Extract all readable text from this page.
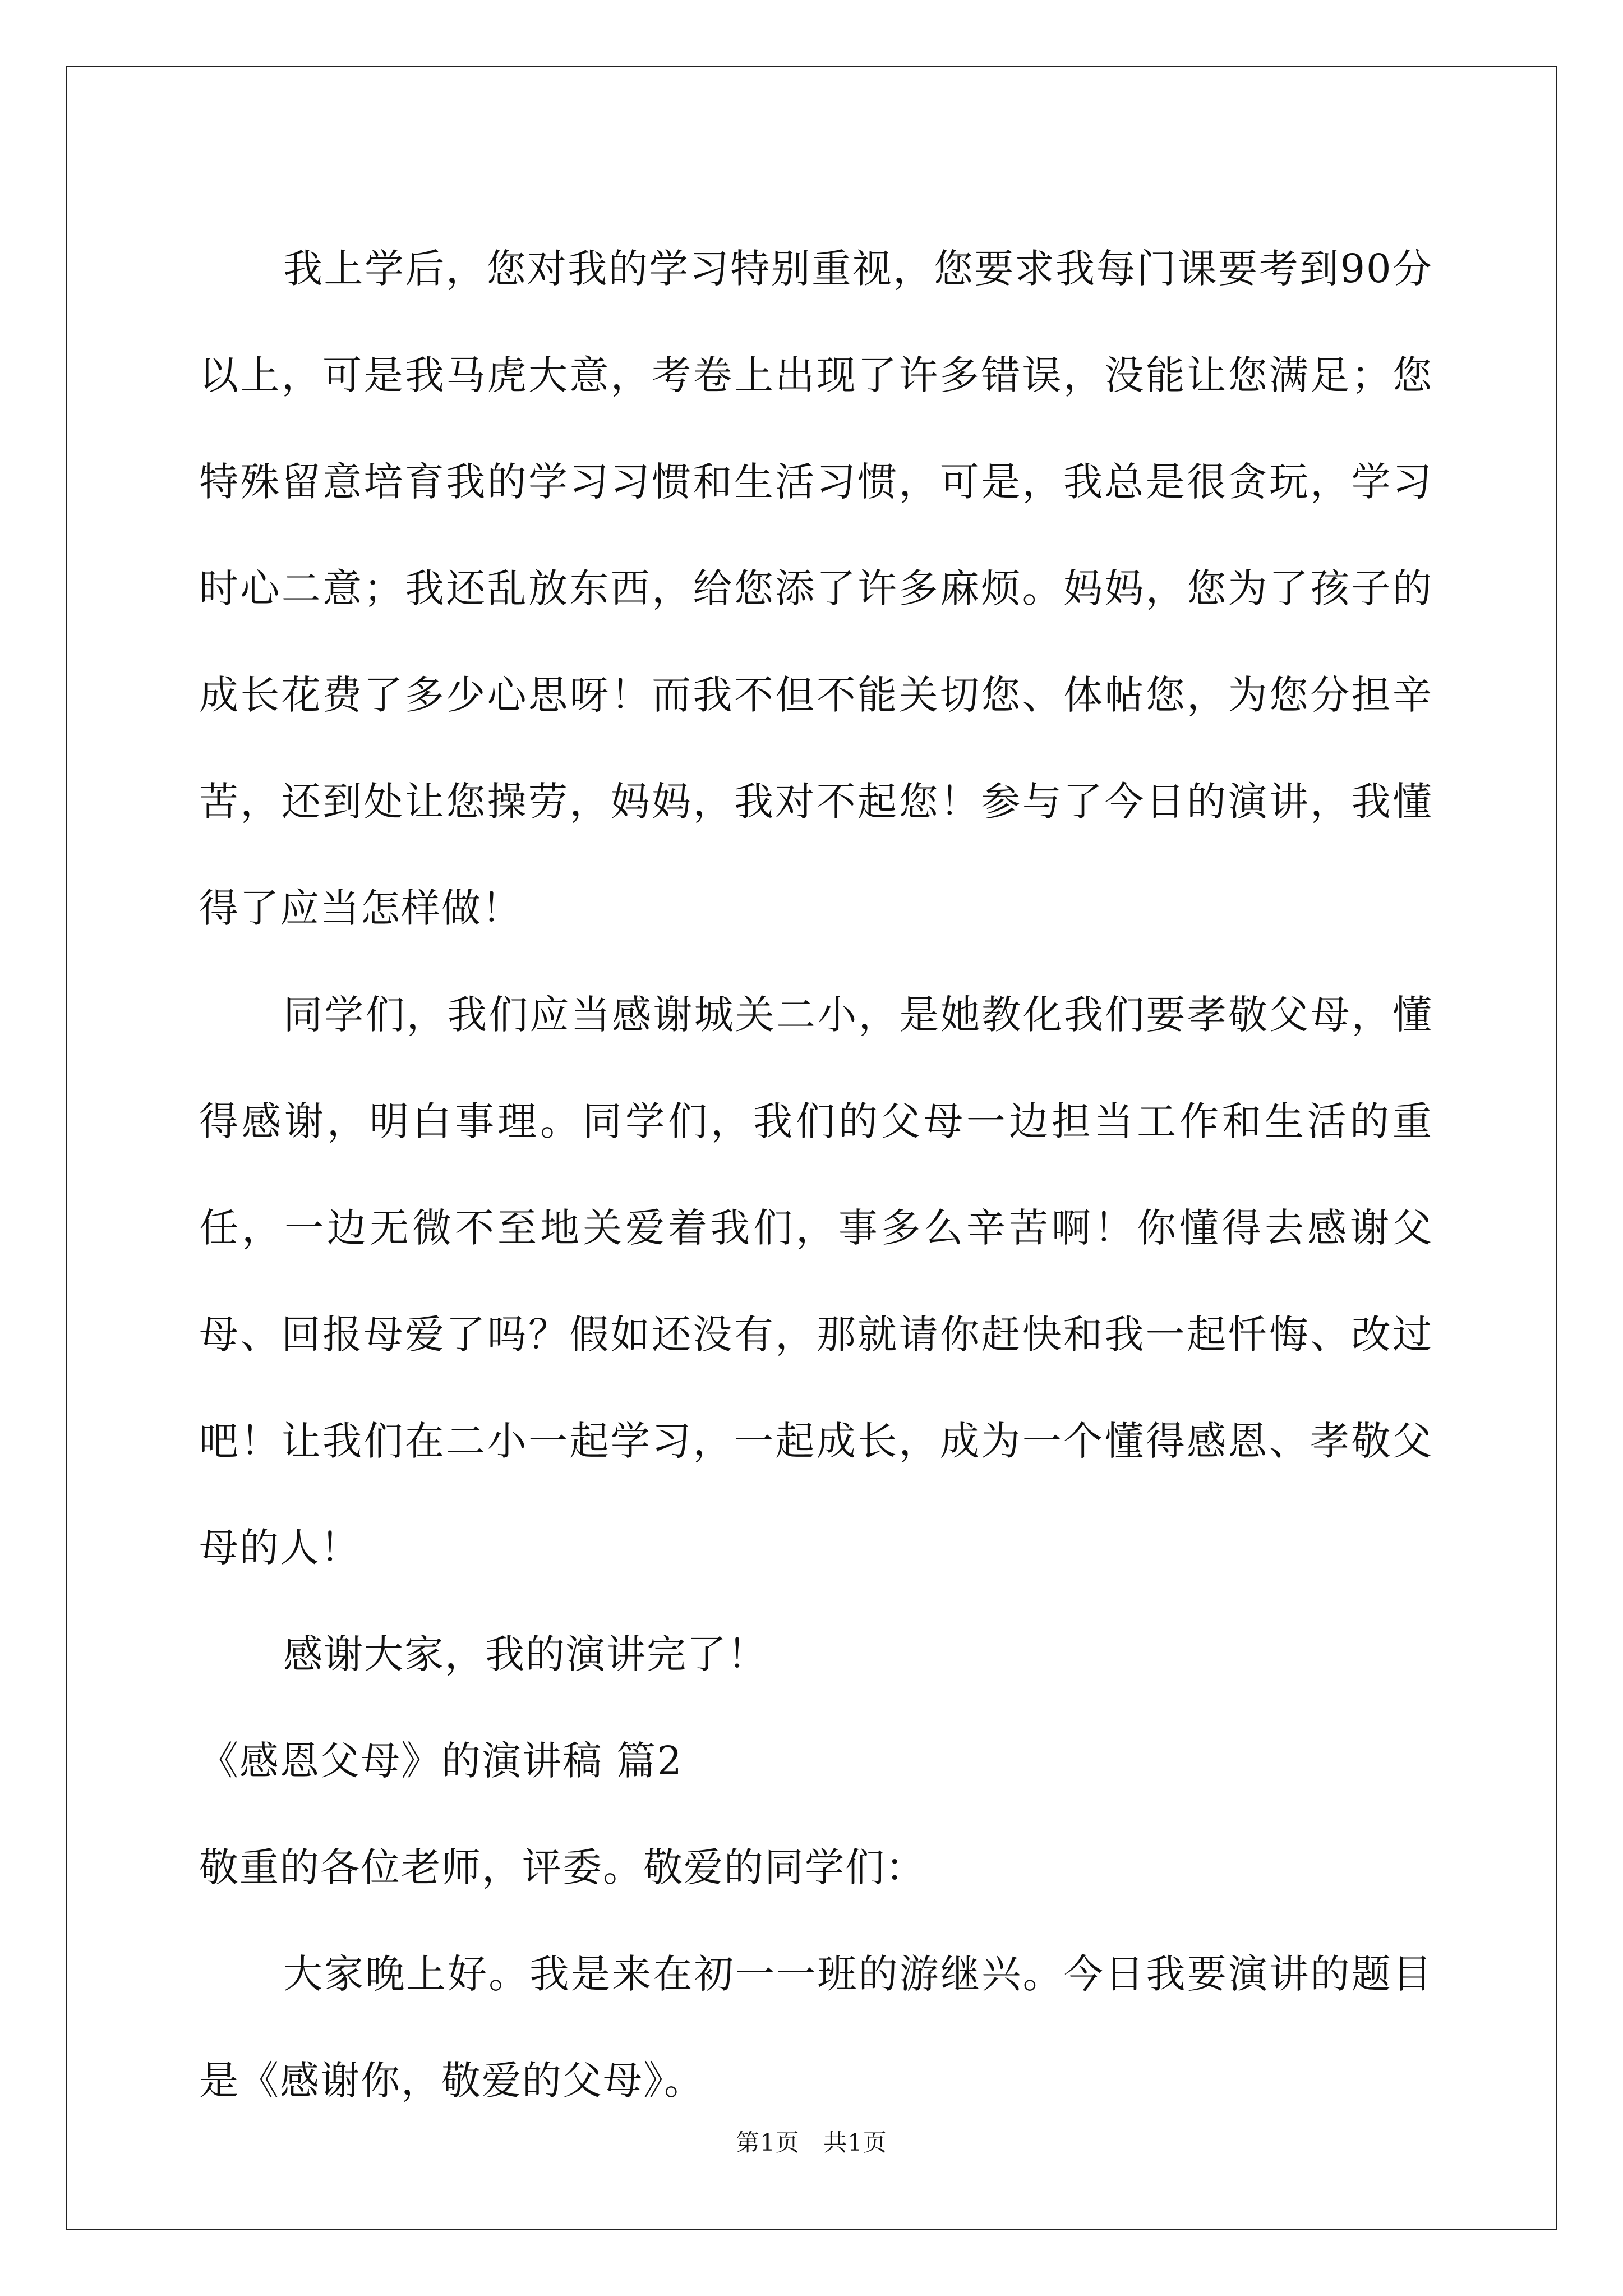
我上学后，您对我的学习特别重视，您要求我每门课要考到90分以上，可是我马虎大意，考卷上出现了许多错误，没能让您满足；您特殊留意培育我的学习习惯和生活习惯，可是，我总是很贪玩，学习时心二意；我还乱放东西，给您添了许多麻烦。妈妈，您为了孩子的成长花费了多少心思呀！而我不但不能关切您、体帖您，为您分担辛苦，还到处让您操劳，妈妈，我对不起您！参与了今日的演讲，我懂得了应当怎样做！

同学们，我们应当感谢城关二小，是她教化我们要孝敬父母，懂得感谢，明白事理。同学们，我们的父母一边担当工作和生活的重任，一边无微不至地关爱着我们，事多么辛苦啊！你懂得去感谢父母、回报母爱了吗？假如还没有，那就请你赶快和我一起忏悔、改过吧！让我们在二小一起学习，一起成长，成为一个懂得感恩、孝敬父母的人！

感谢大家，我的演讲完了！

《感恩父母》的演讲稿 篇2

敬重的各位老师，评委。敬爱的同学们：

大家晚上好。我是来在初一一班的游继兴。今日我要演讲的题目是《感谢你，敬爱的父母》。

第1页 共1页
